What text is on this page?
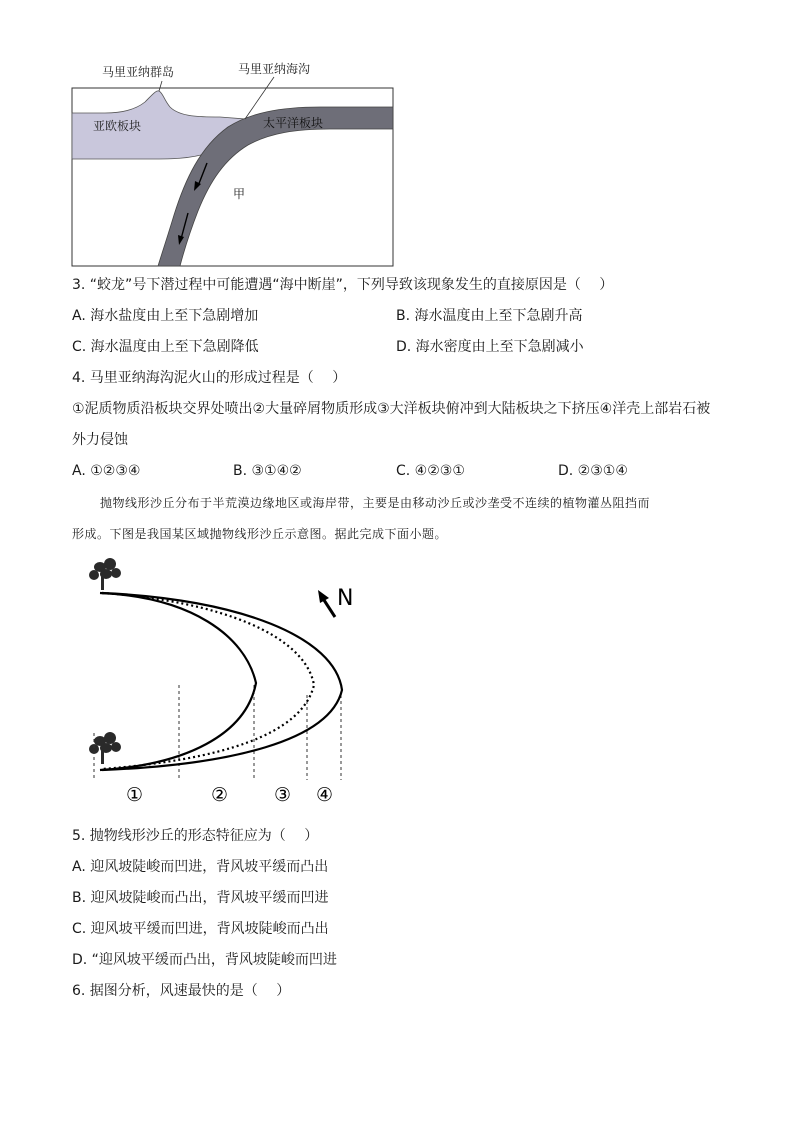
马里亚纳群岛	马里亚纳海沟
亚欧板块	太平洋板块
甲
3. “蛟龙”号下潜过程中可能遭遇“海中断崖”，下列导致该现象发生的直接原因是（　 ）
A. 海水盐度由上至下急剧增加	B. 海水温度由上至下急剧升高
C. 海水温度由上至下急剧降低	D. 海水密度由上至下急剧减小
4. 马里亚纳海沟泥火山的形成过程是（　 ）
①泥质物质沿板块交界处喷出②大量碎屑物质形成③大洋板块俯冲到大陆板块之下挤压④洋壳上部岩石被
外力侵蚀
A. ①②③④	B. ③①④②	C. ④②③①	D. ②③①④
抛物线形沙丘分布于半荒漠边缘地区或海岸带，主要是由移动沙丘或沙垄受不连续的植物灌丛阻挡而
形成。下图是我国某区域抛物线形沙丘示意图。据此完成下面小题。
N
①	② ③ ④
5. 抛物线形沙丘的形态特征应为（　 ）
A. 迎风坡陡峻而凹进，背风坡平缓而凸出
B. 迎风坡陡峻而凸出，背风坡平缓而凹进
C. 迎风坡平缓而凹进，背风坡陡峻而凸出
D. “迎风坡平缓而凸出，背风坡陡峻而凹进
6. 据图分析，风速最快的是（　 ）
